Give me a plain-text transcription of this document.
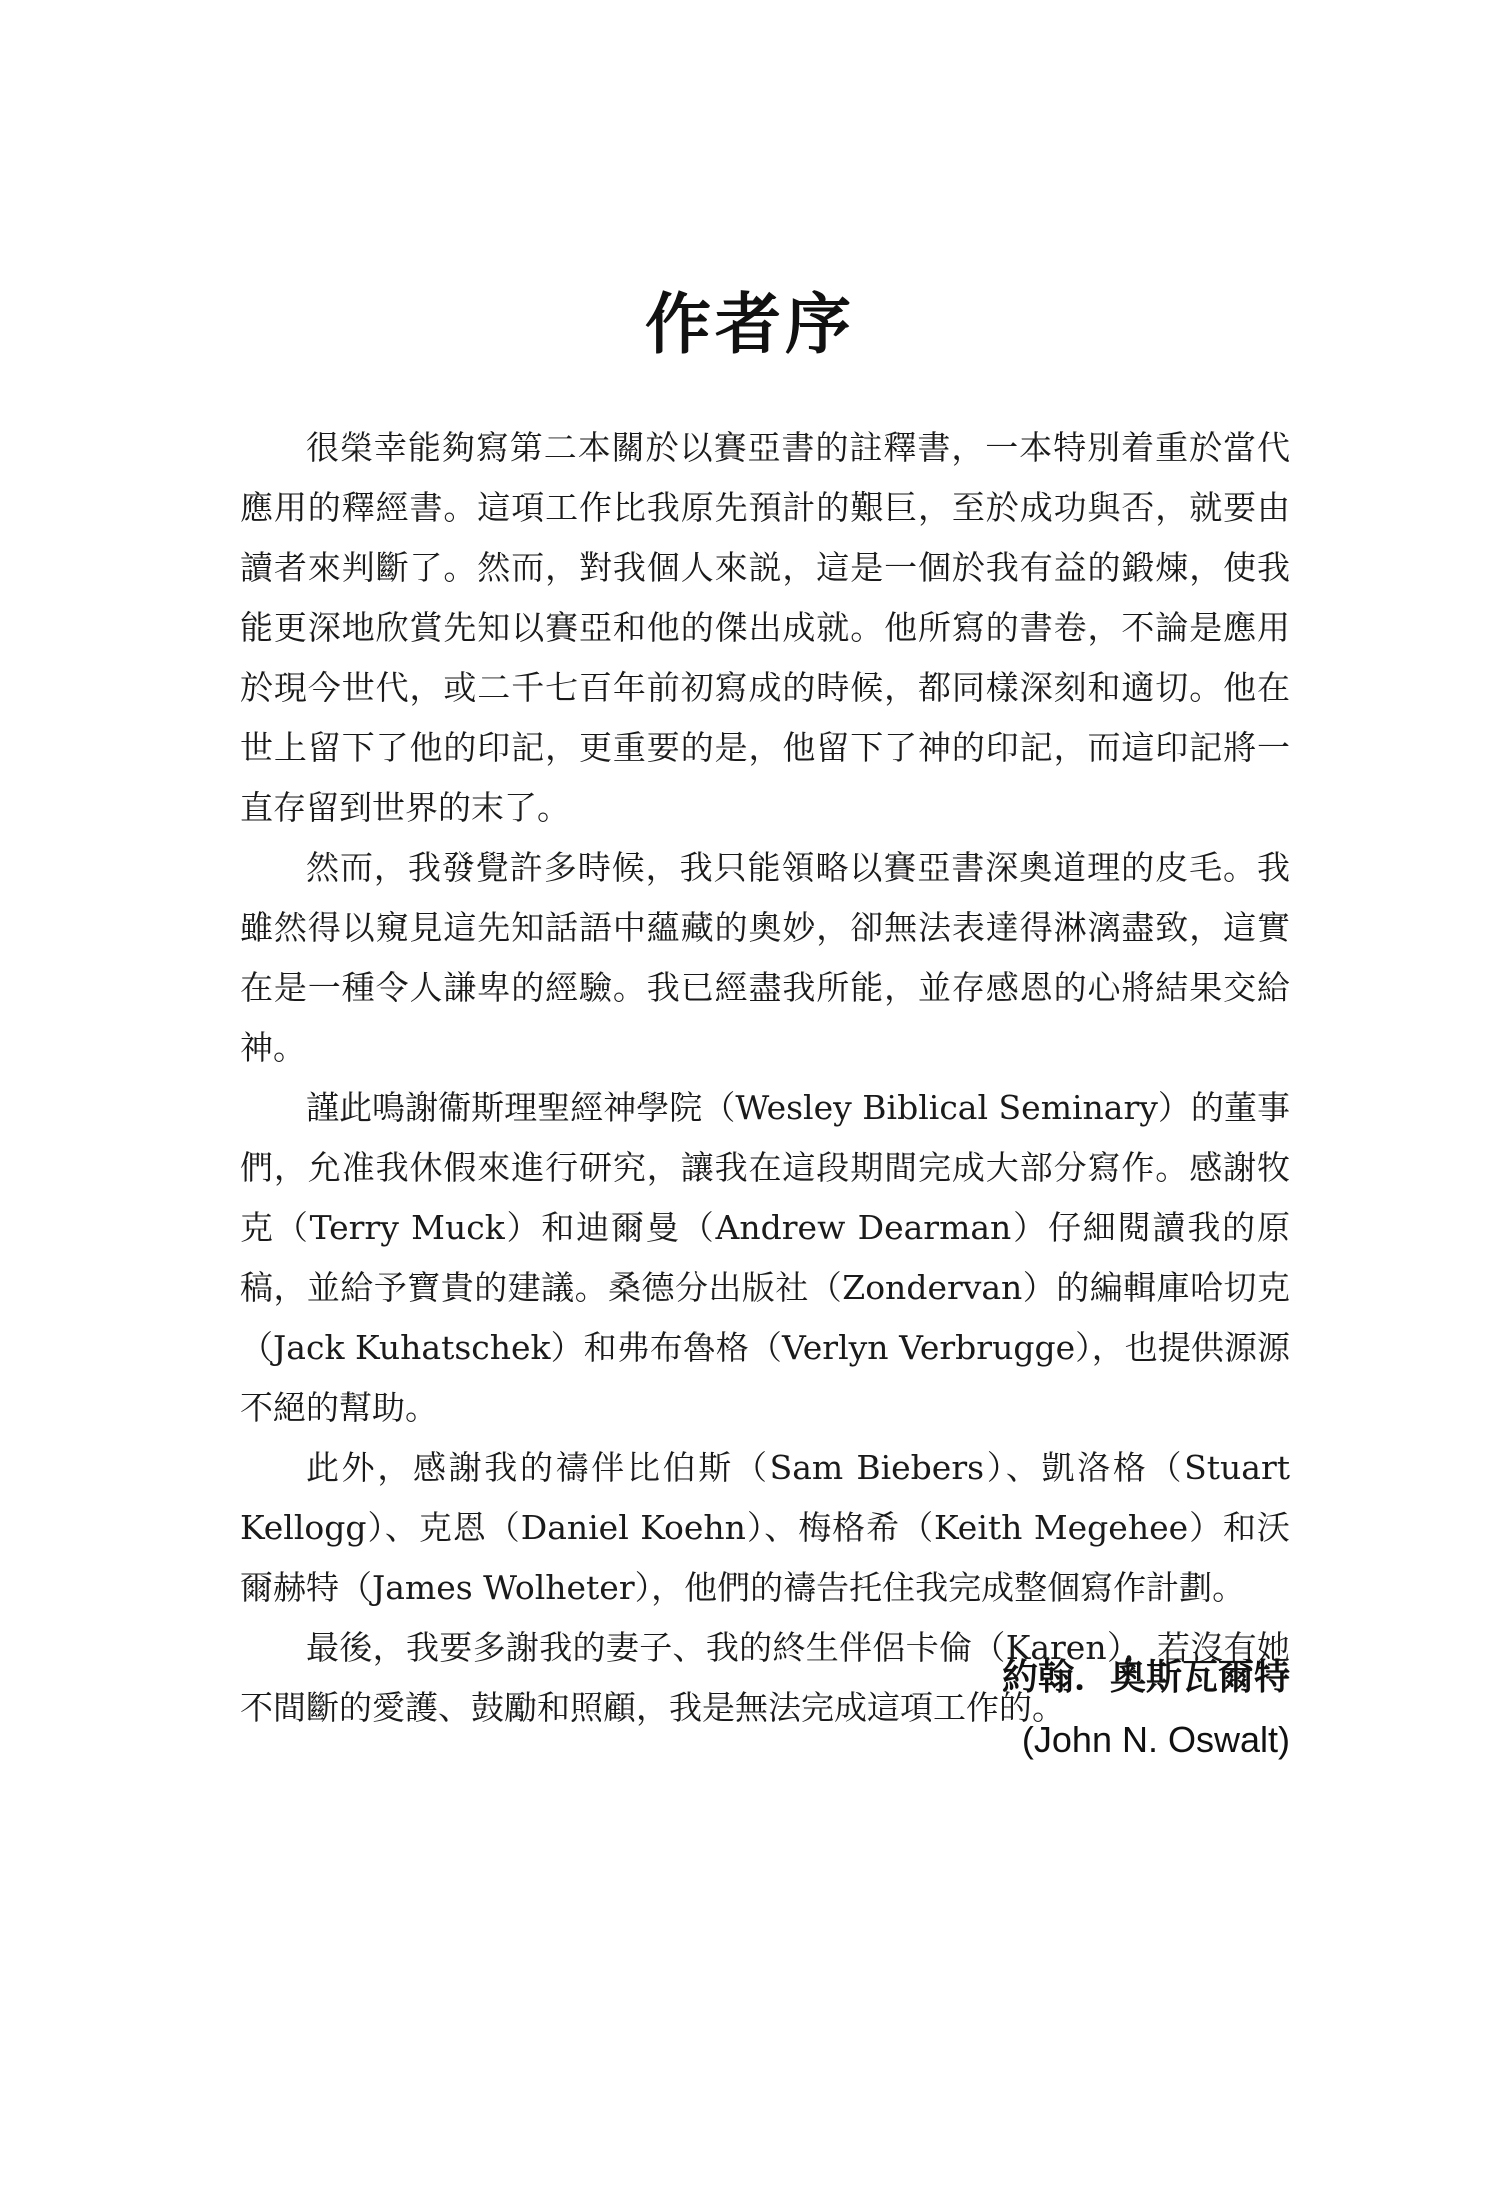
作者序

很榮幸能夠寫第二本關於以賽亞書的註釋書，一本特別着重於當代應用的釋經書。這項工作比我原先預計的艱巨，至於成功與否，就要由讀者來判斷了。然而，對我個人來説，這是一個於我有益的鍛煉，使我能更深地欣賞先知以賽亞和他的傑出成就。他所寫的書卷，不論是應用於現今世代，或二千七百年前初寫成的時候，都同樣深刻和適切。他在世上留下了他的印記，更重要的是，他留下了神的印記，而這印記將一直存留到世界的末了。

然而，我發覺許多時候，我只能領略以賽亞書深奧道理的皮毛。我雖然得以窺見這先知話語中蘊藏的奧妙，卻無法表達得淋漓盡致，這實在是一種令人謙卑的經驗。我已經盡我所能，並存感恩的心將結果交給神。

謹此鳴謝衞斯理聖經神學院（Wesley Biblical Seminary）的董事們，允准我休假來進行研究，讓我在這段期間完成大部分寫作。感謝牧克（Terry Muck）和迪爾曼（Andrew Dearman）仔細閱讀我的原稿，並給予寶貴的建議。桑德分出版社（Zondervan）的編輯庫哈切克（Jack Kuhatschek）和弗布魯格（Verlyn Verbrugge），也提供源源不絕的幫助。

此外，感謝我的禱伴比伯斯（Sam Biebers）、凱洛格（Stuart Kellogg）、克恩（Daniel Koehn）、梅格希（Keith Megehee）和沃爾赫特（James Wolheter），他們的禱告托住我完成整個寫作計劃。

最後，我要多謝我的妻子、我的終生伴侶卡倫（Karen），若沒有她不間斷的愛護、鼓勵和照顧，我是無法完成這項工作的。

約翰．奧斯瓦爾特
(John N. Oswalt)
